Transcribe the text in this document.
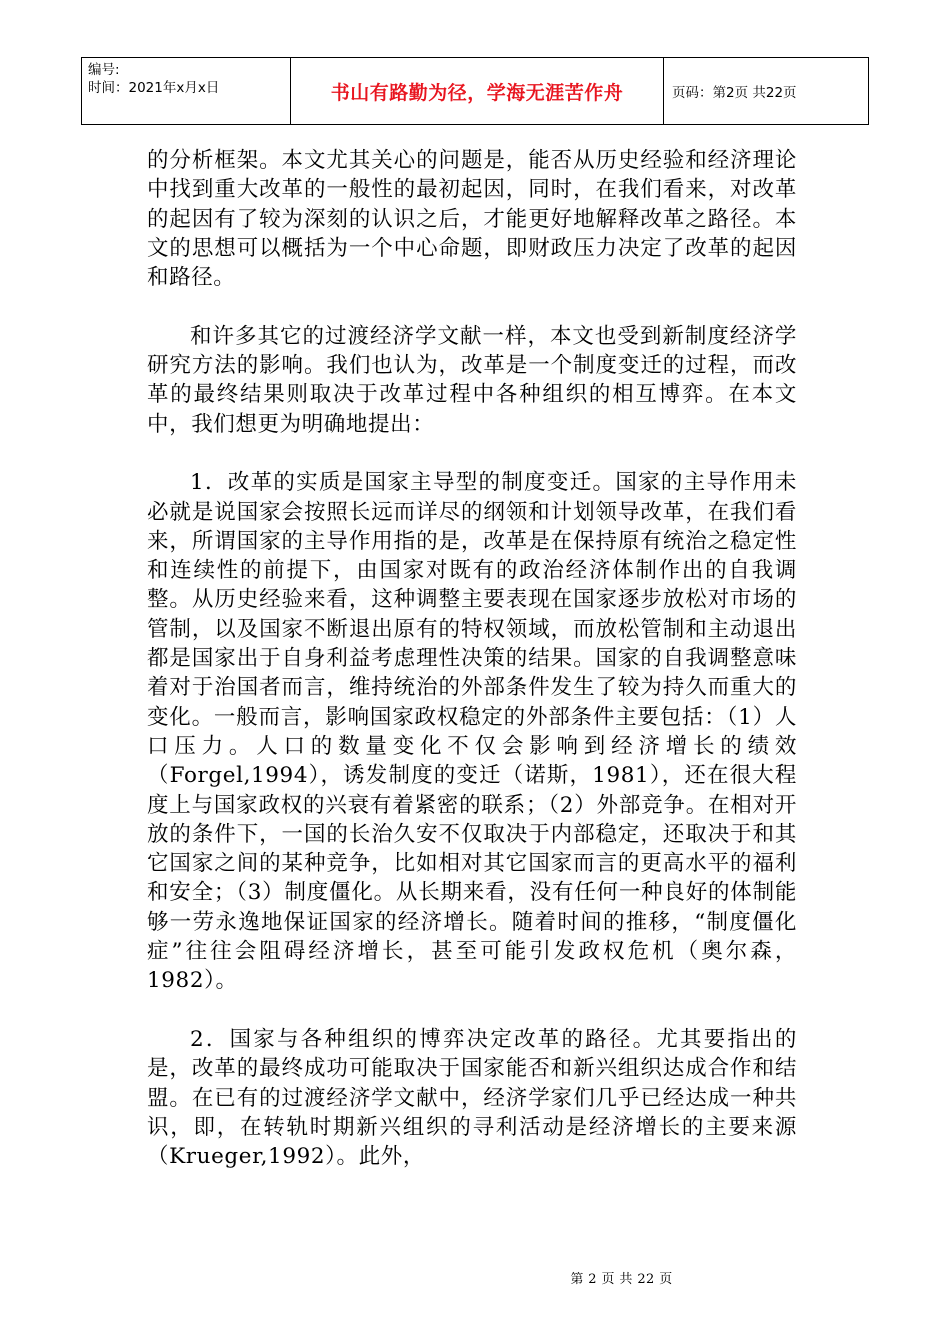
编号:
时间：2021年x月x日	书山有路勤为径，学海无涯苦作舟	页码：第2页 共22页

的分析框架。本文尤其关心的问题是，能否从历史经验和经济理论中找到重大改革的一般性的最初起因，同时，在我们看来，对改革的起因有了较为深刻的认识之后，才能更好地解释改革之路径。本文的思想可以概括为一个中心命题，即财政压力决定了改革的起因和路径。

和许多其它的过渡经济学文献一样，本文也受到新制度经济学研究方法的影响。我们也认为，改革是一个制度变迁的过程，而改革的最终结果则取决于改革过程中各种组织的相互博弈。在本文中，我们想更为明确地提出：

1．改革的实质是国家主导型的制度变迁。国家的主导作用未必就是说国家会按照长远而详尽的纲领和计划领导改革，在我们看来，所谓国家的主导作用指的是，改革是在保持原有统治之稳定性和连续性的前提下，由国家对既有的政治经济体制作出的自我调整。从历史经验来看，这种调整主要表现在国家逐步放松对市场的管制，以及国家不断退出原有的特权领域，而放松管制和主动退出都是国家出于自身利益考虑理性决策的结果。国家的自我调整意味着对于治国者而言，维持统治的外部条件发生了较为持久而重大的变化。一般而言，影响国家政权稳定的外部条件主要包括：（1）人口压力。人口的数量变化不仅会影响到经济增长的绩效（Forgel,1994），诱发制度的变迁（诺斯，1981），还在很大程度上与国家政权的兴衰有着紧密的联系；（2）外部竞争。在相对开放的条件下，一国的长治久安不仅取决于内部稳定，还取决于和其它国家之间的某种竞争，比如相对其它国家而言的更高水平的福利和安全；（3）制度僵化。从长期来看，没有任何一种良好的体制能够一劳永逸地保证国家的经济增长。随着时间的推移，“制度僵化症”往往会阻碍经济增长，甚至可能引发政权危机（奥尔森，1982）。

2．国家与各种组织的博弈决定改革的路径。尤其要指出的是，改革的最终成功可能取决于国家能否和新兴组织达成合作和结盟。在已有的过渡经济学文献中，经济学家们几乎已经达成一种共识，即，在转轨时期新兴组织的寻利活动是经济增长的主要来源（Krueger,1992）。此外，

第 2 页 共 22 页
